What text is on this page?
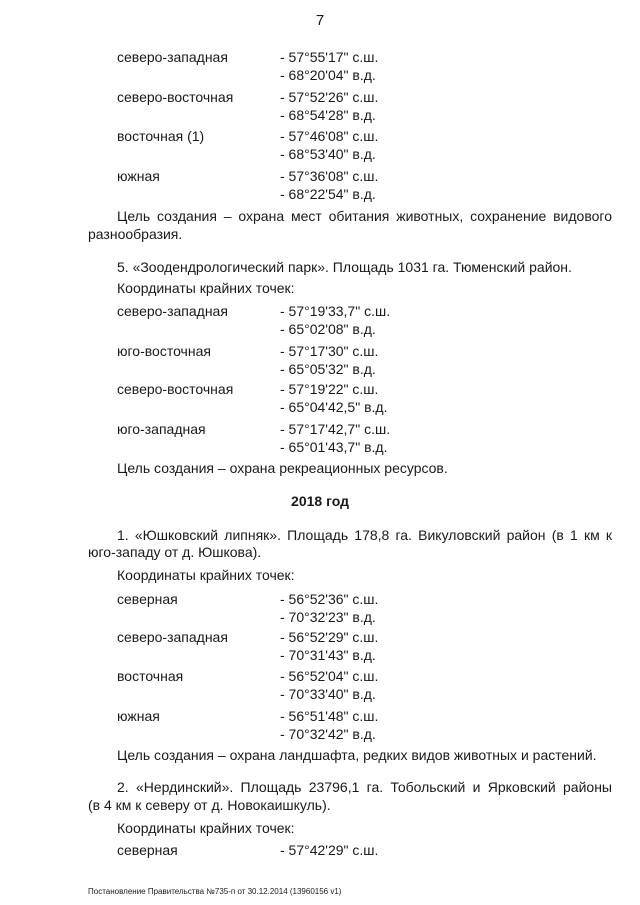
7
северо-западная	- 57°55'17" с.ш.
- 68°20'04" в.д.
северо-восточная	- 57°52'26" с.ш.
- 68°54'28" в.д.
восточная (1)	- 57°46'08" с.ш.
- 68°53'40" в.д.
южная	- 57°36'08" с.ш.
- 68°22'54" в.д.
Цель создания – охрана мест обитания животных, сохранение видового
разнообразия.
5. «Зоодендрологический парк». Площадь 1031 га. Тюменский район.
Координаты крайних точек:
северо-западная	- 57°19'33,7" с.ш.
- 65°02'08" в.д.
юго-восточная	- 57°17'30" с.ш.
- 65°05'32" в.д.
северо-восточная	- 57°19'22" с.ш.
- 65°04'42,5" в.д.
юго-западная	- 57°17'42,7" с.ш.
- 65°01'43,7" в.д.
Цель создания – охрана рекреационных ресурсов.
2018 год
1. «Юшковский липняк». Площадь 178,8 га. Викуловский район (в 1 км к
юго-западу от д. Юшкова).
Координаты крайних точек:
северная	- 56°52'36" с.ш.
- 70°32'23" в.д.
северо-западная	- 56°52'29" с.ш.
- 70°31'43" в.д.
восточная	- 56°52'04" с.ш.
- 70°33'40" в.д.
южная	- 56°51'48" с.ш.
- 70°32'42" в.д.
Цель создания – охрана ландшафта, редких видов животных и растений.
2. «Нердинский». Площадь 23796,1 га. Тобольский и Ярковский районы
(в 4 км к северу от д. Новокаишкуль).
Координаты крайних точек:
северная	- 57°42'29" с.ш.
Постановление Правительства №735-п от 30.12.2014 (13960156 v1)
